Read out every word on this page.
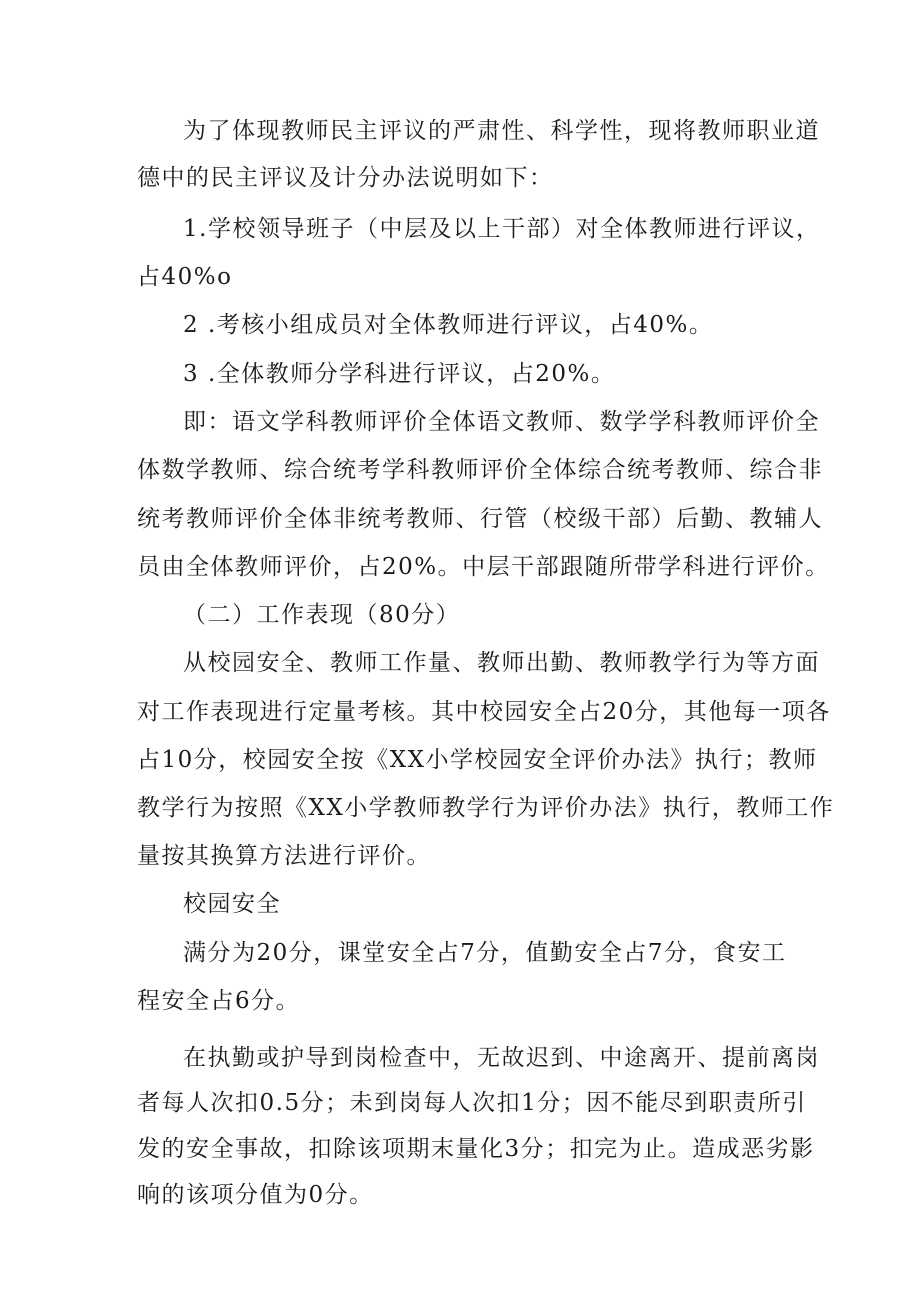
为了体现教师民主评议的严肃性、科学性，现将教师职业道
德中的民主评议及计分办法说明如下：
1.学校领导班子（中层及以上干部）对全体教师进行评议，
占40%o
2 .考核小组成员对全体教师进行评议，占40%。
3 .全体教师分学科进行评议，占20%。
即：语文学科教师评价全体语文教师、数学学科教师评价全
体数学教师、综合统考学科教师评价全体综合统考教师、综合非
统考教师评价全体非统考教师、行管（校级干部）后勤、教辅人
员由全体教师评价，占20%。中层干部跟随所带学科进行评价。
（二）工作表现（80分）
从校园安全、教师工作量、教师出勤、教师教学行为等方面
对工作表现进行定量考核。其中校园安全占20分，其他每一项各
占10分，校园安全按《XX小学校园安全评价办法》执行；教师
教学行为按照《XX小学教师教学行为评价办法》执行，教师工作
量按其换算方法进行评价。
校园安全
满分为20分，课堂安全占7分，值勤安全占7分，食安工
程安全占6分。
在执勤或护导到岗检查中，无故迟到、中途离开、提前离岗
者每人次扣0.5分；未到岗每人次扣1分；因不能尽到职责所引
发的安全事故，扣除该项期末量化3分；扣完为止。造成恶劣影
响的该项分值为0分。
